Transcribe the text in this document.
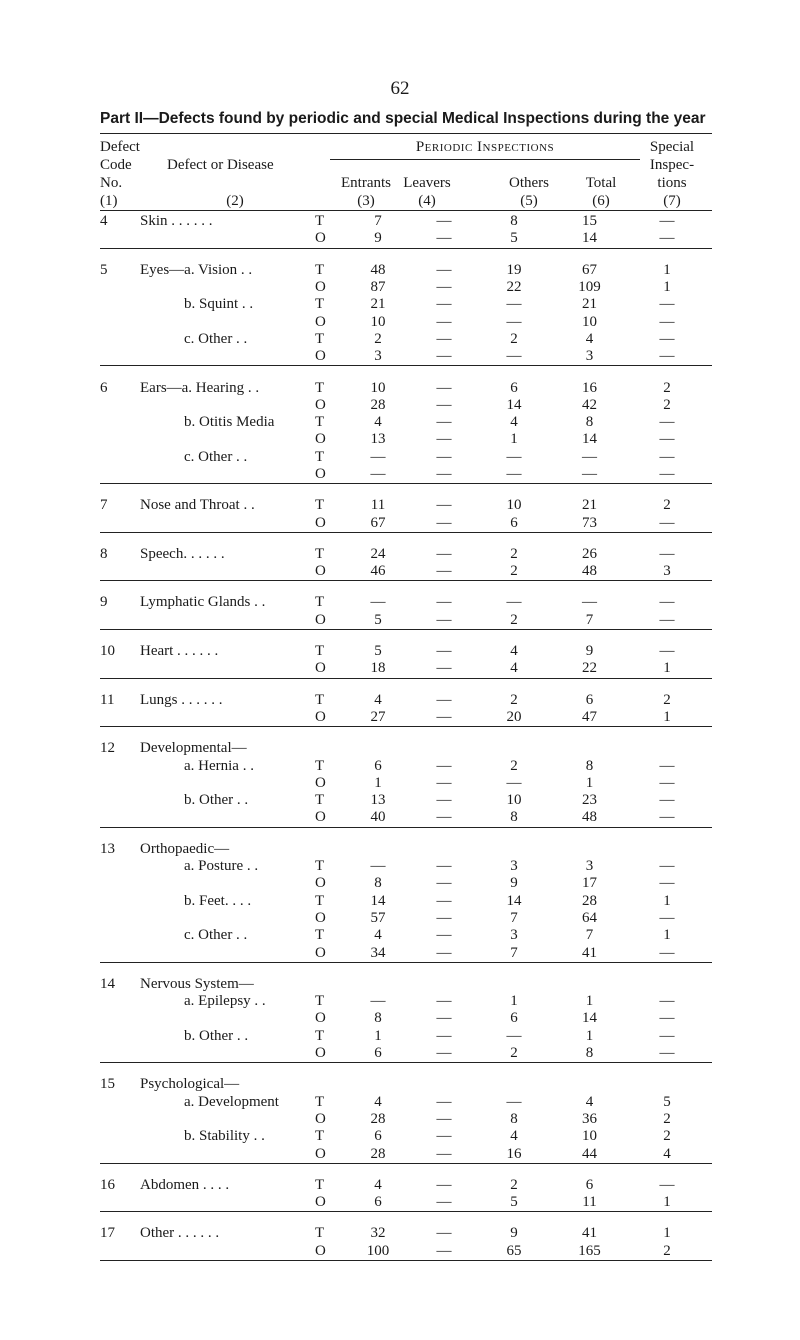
62
Part II—Defects found by periodic and special Medical Inspections during the year
Defect
Code
No.
(1)
Defect or Disease
(2)
Periodic Inspections
Entrants Leavers	Others	Total
(3)	(4)	(5)	(6)
Special
Inspec-
tions
(7)
4	Skin . . . . . .	T	7	—	8	15	—
		O	9	—	5	14	—

5	Eyes—a. Vision . .	T	48	—	19	67	1
		O	87	—	22	109	1
	b. Squint . .	T	21	—	—	21	—
		O	10	—	—	10	—
	c. Other . .	T	2	—	2	4	—
		O	3	—	—	3	—

6	Ears—a. Hearing . .	T	10	—	6	16	2
		O	28	—	14	42	2
	b. Otitis Media	T	4	—	4	8	—
		O	13	—	1	14	—
	c. Other . .	T	—	—	—	—	—
		O	—	—	—	—	—

7	Nose and Throat . .	T	11	—	10	21	2
		O	67	—	6	73	—

8	Speech. . . . . .	T	24	—	2	26	—
		O	46	—	2	48	3

9	Lymphatic Glands . .	T	—	—	—	—	—
		O	5	—	2	7	—

10	Heart . . . . . .	T	5	—	4	9	—
		O	18	—	4	22	1

11	Lungs . . . . . .	T	4	—	2	6	2
		O	27	—	20	47	1

12	Developmental—						
	a. Hernia . .	T	6	—	2	8	—
		O	1	—	—	1	—
	b. Other . .	T	13	—	10	23	—
		O	40	—	8	48	—

13	Orthopaedic—						
	a. Posture . .	T	—	—	3	3	—
		O	8	—	9	17	—
	b. Feet. . . .	T	14	—	14	28	1
		O	57	—	7	64	—
	c. Other . .	T	4	—	3	7	1
		O	34	—	7	41	—

14	Nervous System—						
	a. Epilepsy . .	T	—	—	1	1	—
		O	8	—	6	14	—
	b. Other . .	T	1	—	—	1	—
		O	6	—	2	8	—

15	Psychological—						
	a. Development	T	4	—	—	4	5
		O	28	—	8	36	2
	b. Stability . .	T	6	—	4	10	2
		O	28	—	16	44	4

16	Abdomen . . . .	T	4	—	2	6	—
		O	6	—	5	11	1

17	Other . . . . . .	T	32	—	9	41	1
		O	100	—	65	165	2
